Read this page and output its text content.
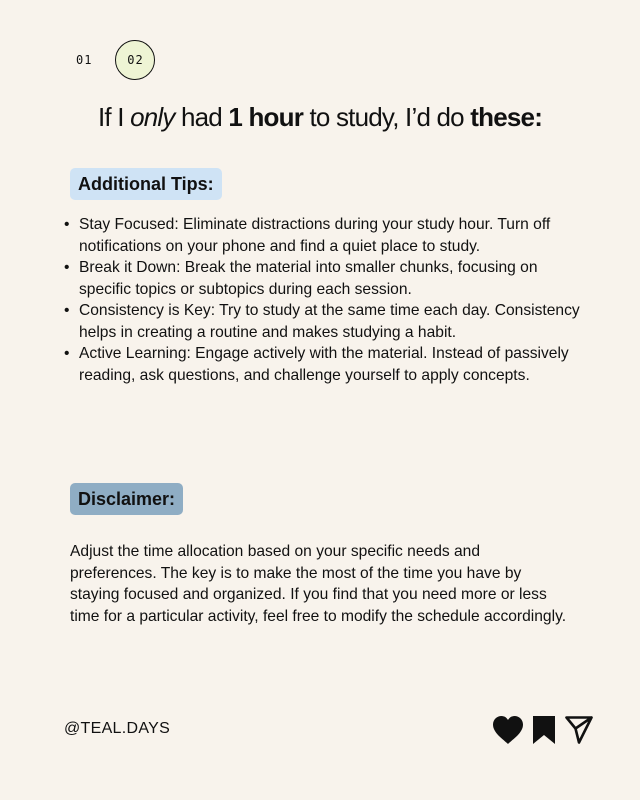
01	02
If I only had 1 hour to study, I’d do these:
Additional Tips:
• Stay Focused: Eliminate distractions during your study hour. Turn off notifications on your phone and find a quiet place to study.
• Break it Down: Break the material into smaller chunks, focusing on specific topics or subtopics during each session.
• Consistency is Key: Try to study at the same time each day. Consistency helps in creating a routine and makes studying a habit.
• Active Learning: Engage actively with the material. Instead of passively reading, ask questions, and challenge yourself to apply concepts.
Disclaimer:

Adjust the time allocation based on your specific needs and preferences. The key is to make the most of the time you have by staying focused and organized. If you find that you need more or less time for a particular activity, feel free to modify the schedule accordingly.

@TEAL.DAYS
